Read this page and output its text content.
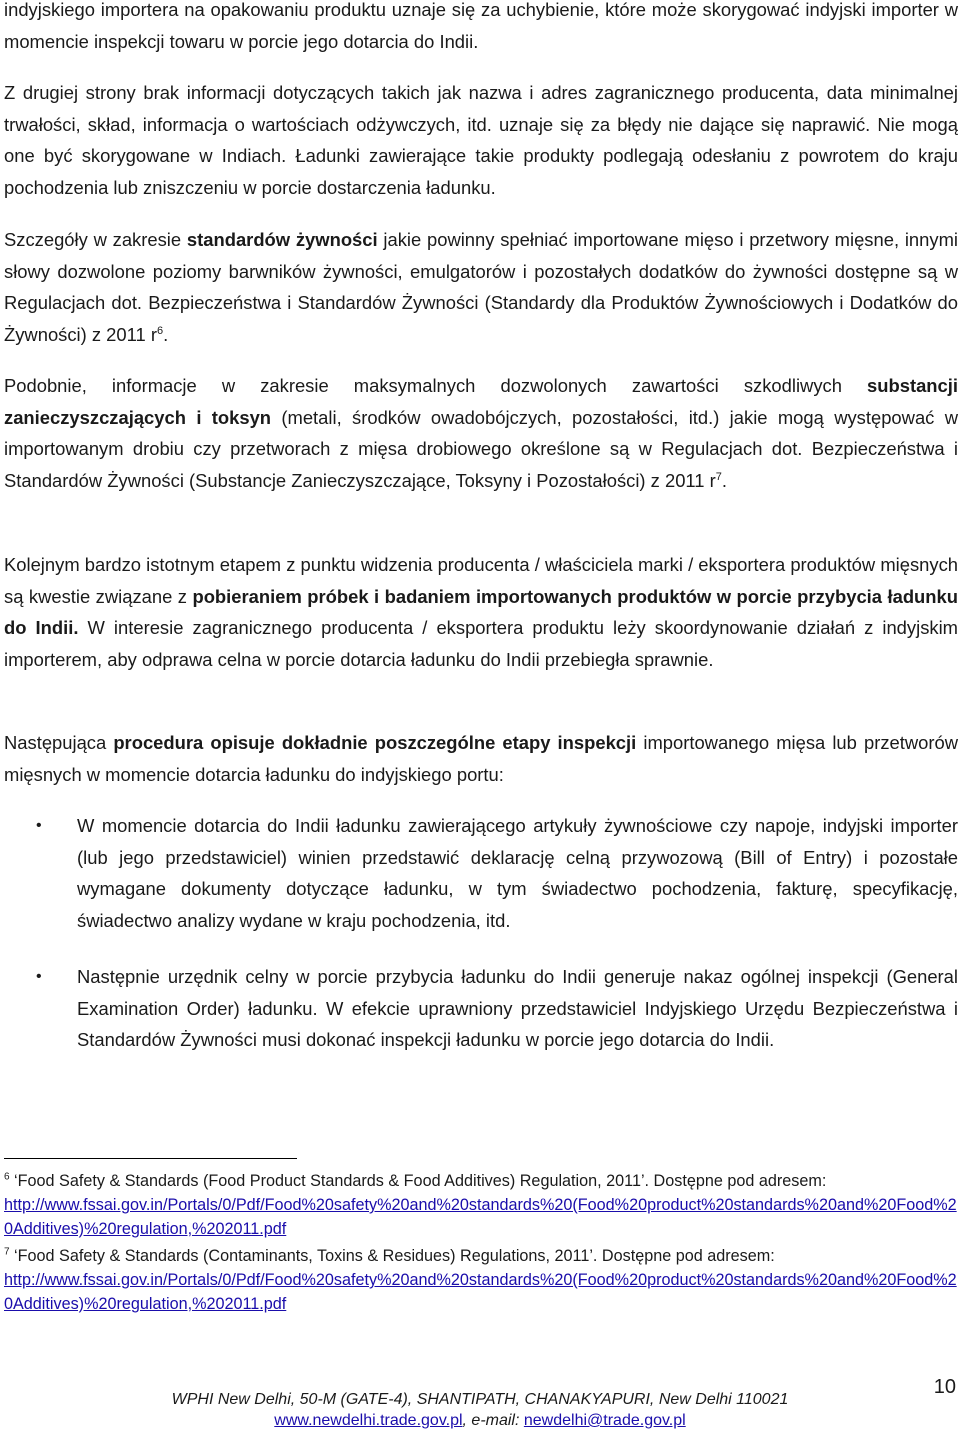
indyjskiego importera na opakowaniu produktu uznaje się za uchybienie, które może skorygować indyjski importer w momencie inspekcji towaru w porcie jego dotarcia do Indii.

Z drugiej strony brak informacji dotyczących takich jak nazwa i adres zagranicznego producenta, data minimalnej trwałości, skład, informacja o wartościach odżywczych, itd. uznaje się za błędy nie dające się naprawić. Nie mogą one być skorygowane w Indiach. Ładunki zawierające takie produkty podlegają odesłaniu z powrotem do kraju pochodzenia lub zniszczeniu w porcie dostarczenia ładunku.

Szczegóły w zakresie standardów żywności jakie powinny spełniać importowane mięso i przetwory mięsne, innymi słowy dozwolone poziomy barwników żywności, emulgatorów i pozostałych dodatków do żywności dostępne są w Regulacjach dot. Bezpieczeństwa i Standardów Żywności (Standardy dla Produktów Żywnościowych i Dodatków do Żywności) z 2011 $r^6$.

Podobnie, informacje w zakresie maksymalnych dozwolonych zawartości szkodliwych substancji zanieczyszczających i toksyn (metali, środków owadobójczych, pozostałości, itd.) jakie mogą występować w importowanym drobiu czy przetworach z mięsa drobiowego określone są w Regulacjach dot. Bezpieczeństwa i Standardów Żywności (Substancje Zanieczyszczające, Toksyny i Pozostałości) z 2011 $r^7$.

Kolejnym bardzo istotnym etapem z punktu widzenia producenta / właściciela marki / eksportera produktów mięsnych są kwestie związane z pobieraniem próbek i badaniem importowanych produktów w porcie przybycia ładunku do Indii. W interesie zagranicznego producenta / eksportera produktu leży skoordynowanie działań z indyjskim importerem, aby odprawa celna w porcie dotarcia ładunku do Indii przebiegła sprawnie.

Następująca procedura opisuje dokładnie poszczególne etapy inspekcji importowanego mięsa lub przetworów mięsnych w momencie dotarcia ładunku do indyjskiego portu:

• W momencie dotarcia do Indii ładunku zawierającego artykuły żywnościowe czy napoje, indyjski importer (lub jego przedstawiciel) winien przedstawić deklarację celną przywozową (Bill of Entry) i pozostałe wymagane dokumenty dotyczące ładunku, w tym świadectwo pochodzenia, fakturę, specyfikację, świadectwo analizy wydane w kraju pochodzenia, itd.
• Następnie urzędnik celny w porcie przybycia ładunku do Indii generuje nakaz ogólnej inspekcji (General Examination Order) ładunku. W efekcie uprawniony przedstawiciel Indyjskiego Urzędu Bezpieczeństwa i Standardów Żywności musi dokonać inspekcji ładunku w porcie jego dotarcia do Indii.

$^6$ ‘Food Safety & Standards (Food Product Standards & Food Additives) Regulation, 2011’. Dostępne pod adresem:
http://www.fssai.gov.in/Portals/0/Pdf/Food%20safety%20and%20standards%20(Food%20product%20standards%20and%20Food%20Additives)%20regulation,%202011.pdf

$^7$ ‘Food Safety & Standards (Contaminants, Toxins & Residues) Regulations, 2011’. Dostępne pod adresem:
http://www.fssai.gov.in/Portals/0/Pdf/Food%20safety%20and%20standards%20(Food%20product%20standards%20and%20Food%20Additives)%20regulation,%202011.pdf

WPHI New Delhi, 50-M (GATE-4), SHANTIPATH, CHANAKYAPURI, New Delhi 110021
www.newdelhi.trade.gov.pl, e-mail: newdelhi@trade.gov.pl
10
